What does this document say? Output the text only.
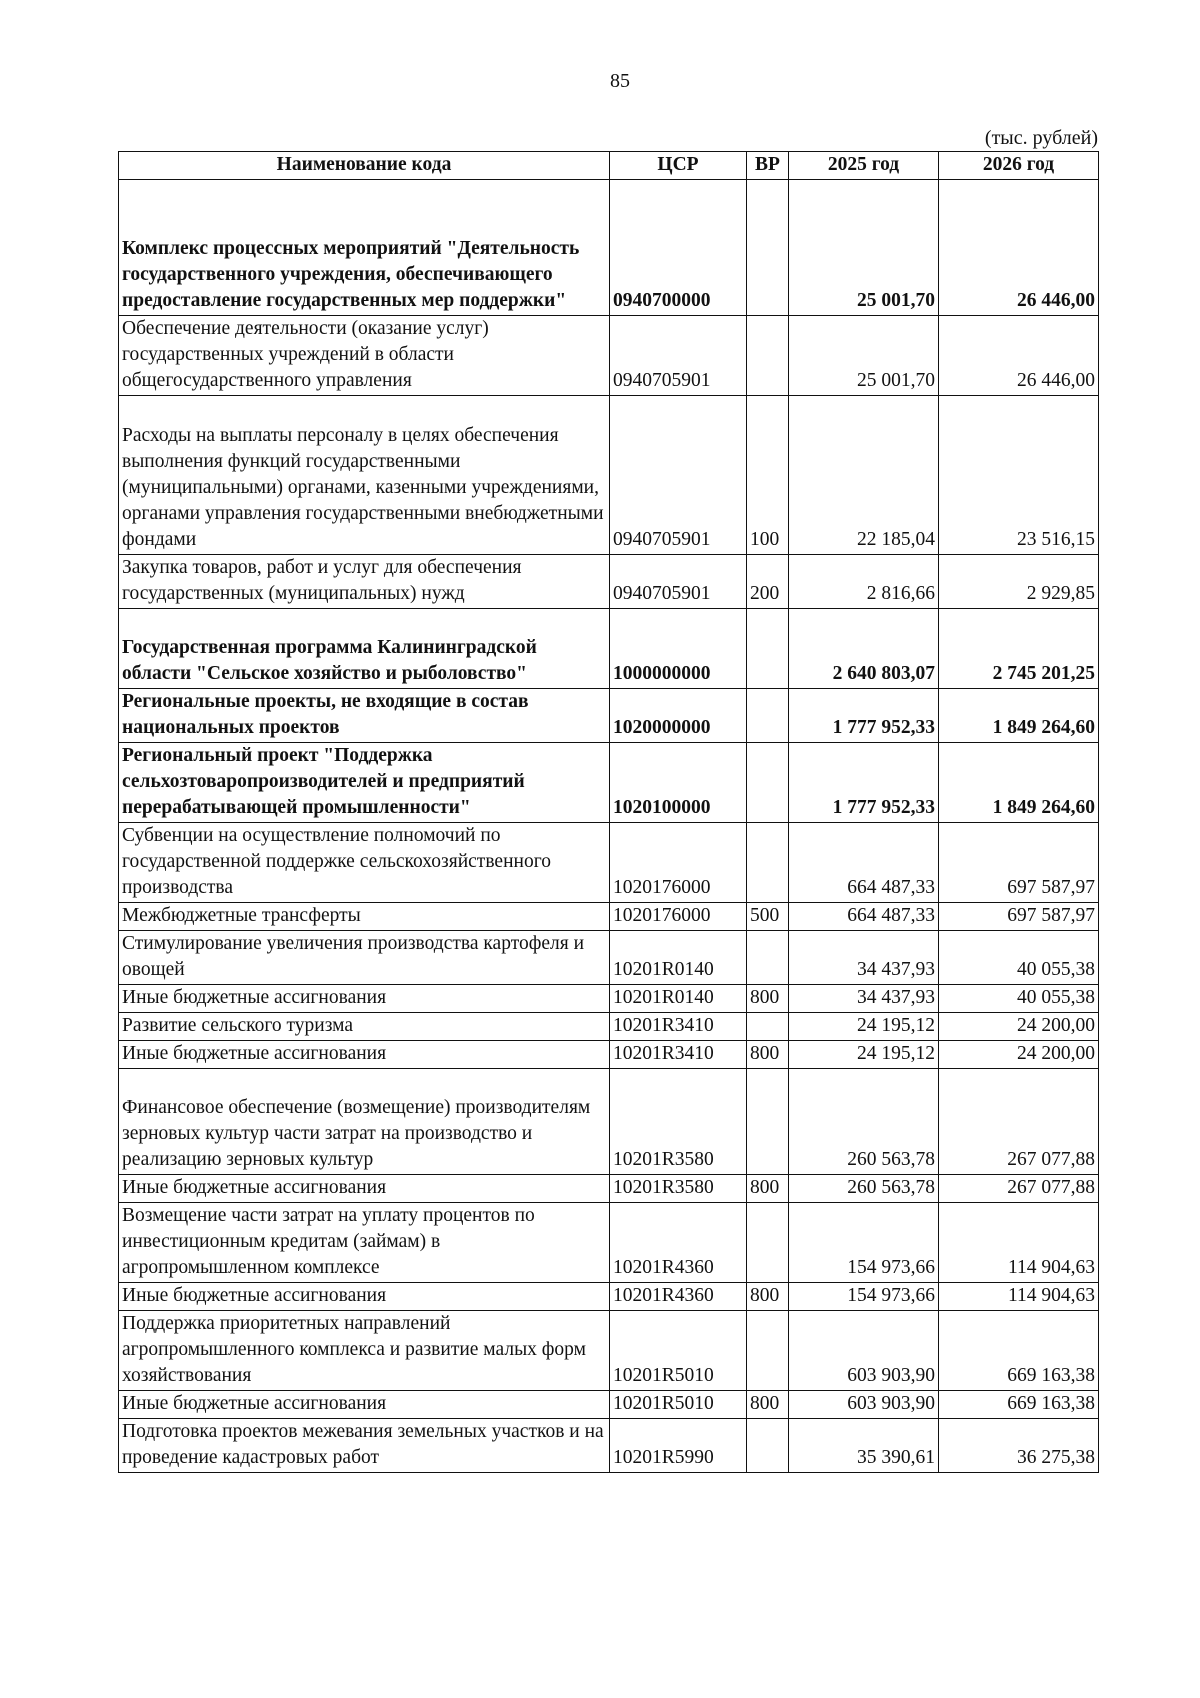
85
(тыс. рублей)
Наименование кода	ЦСР	ВР	2025 год	2026 год
Комплекс процессных мероприятий "Деятельность государственного учреждения, обеспечивающего предоставление государственных мер поддержки"	0940700000		25 001,70	26 446,00
Обеспечение деятельности (оказание услуг) государственных учреждений в области общегосударственного управления	0940705901		25 001,70	26 446,00
Расходы на выплаты персоналу в целях обеспечения выполнения функций государственными (муниципальными) органами, казенными учреждениями, органами управления государственными внебюджетными фондами	0940705901	100	22 185,04	23 516,15
Закупка товаров, работ и услуг для обеспечения государственных (муниципальных) нужд	0940705901	200	2 816,66	2 929,85
Государственная программа Калининградской области "Сельское хозяйство и рыболовство"	1000000000		2 640 803,07	2 745 201,25
Региональные проекты, не входящие в состав национальных проектов	1020000000		1 777 952,33	1 849 264,60
Региональный проект "Поддержка сельхозтоваропроизводителей и предприятий перерабатывающей промышленности"	1020100000		1 777 952,33	1 849 264,60
Субвенции на осуществление полномочий по государственной поддержке сельскохозяйственного производства	1020176000		664 487,33	697 587,97
Межбюджетные трансферты	1020176000	500	664 487,33	697 587,97
Стимулирование увеличения производства картофеля и овощей	10201R0140		34 437,93	40 055,38
Иные бюджетные ассигнования	10201R0140	800	34 437,93	40 055,38
Развитие сельского туризма	10201R3410		24 195,12	24 200,00
Иные бюджетные ассигнования	10201R3410	800	24 195,12	24 200,00
Финансовое обеспечение (возмещение) производителям зерновых культур части затрат на производство и реализацию зерновых культур	10201R3580		260 563,78	267 077,88
Иные бюджетные ассигнования	10201R3580	800	260 563,78	267 077,88
Возмещение части затрат на уплату процентов по инвестиционным кредитам (займам) в агропромышленном комплексе	10201R4360		154 973,66	114 904,63
Иные бюджетные ассигнования	10201R4360	800	154 973,66	114 904,63
Поддержка приоритетных направлений агропромышленного комплекса и развитие малых форм хозяйствования	10201R5010		603 903,90	669 163,38
Иные бюджетные ассигнования	10201R5010	800	603 903,90	669 163,38
Подготовка проектов межевания земельных участков и на проведение кадастровых работ	10201R5990		35 390,61	36 275,38
